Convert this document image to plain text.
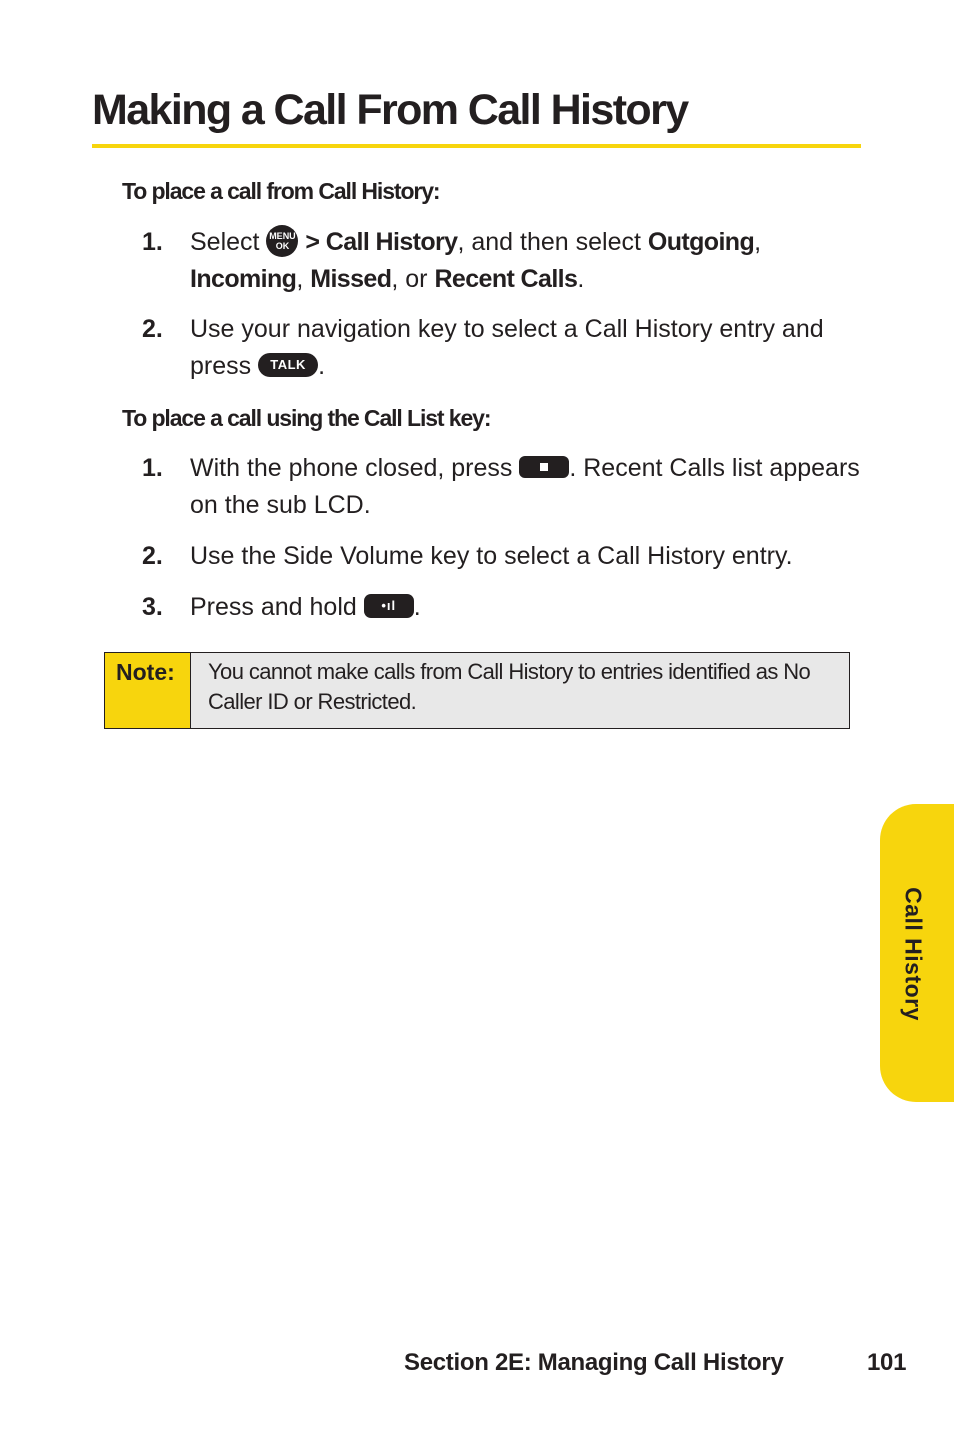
Making a Call From Call History
To place a call from Call History:
1. Select MENU
OK > Call History, and then select Outgoing, Incoming, Missed, or Recent Calls.
2. Use your navigation key to select a Call History entry and press TALK .
To place a call using the Call List key:
1. With the phone closed, press . Recent Calls list appears on the sub LCD.
2. Use the Side Volume key to select a Call History entry.
3. Press and hold •ıl .
Note:	You cannot make calls from Call History to entries identified as No Caller ID or Restricted.
Call History
Section 2E: Managing Call History	101
